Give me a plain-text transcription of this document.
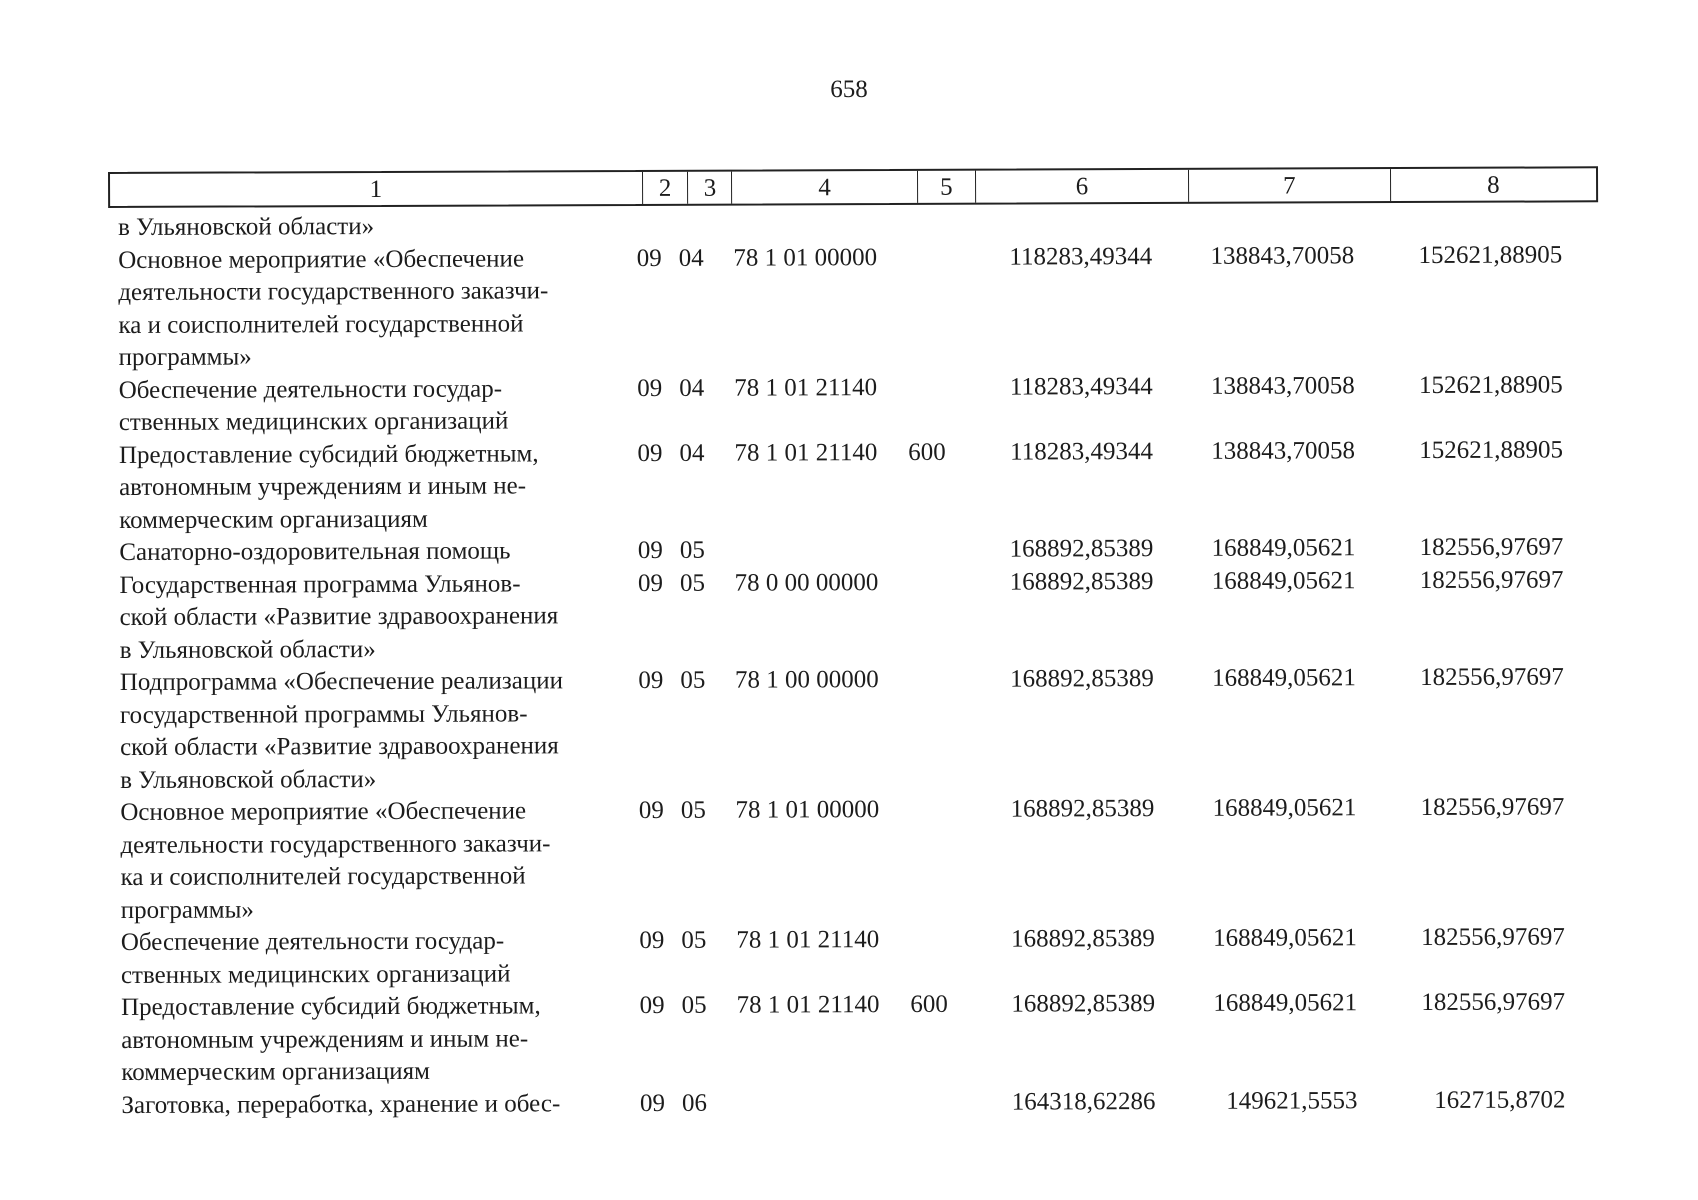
658
1	2	3	4	5	6	7	8
в Ульяновской области»
Основное мероприятие «Обеспечение
деятельности государственного заказчи-
ка и соисполнителей государственной
программы»
09 04	78 1 01 00000	118283,49344	138843,70058	152621,88905
Обеспечение деятельности государ-
ственных медицинских организаций
09 04	78 1 01 21140	118283,49344	138843,70058	152621,88905
Предоставление субсидий бюджетным,
автономным учреждениям и иным не-
коммерческим организациям
09 04	78 1 01 21140	600	118283,49344	138843,70058	152621,88905
Санаторно-оздоровительная помощь	09 05	168892,85389	168849,05621	182556,97697
Государственная программа Ульянов-
ской области «Развитие здравоохранения
в Ульяновской области»
09 05	78 0 00 00000	168892,85389	168849,05621	182556,97697
Подпрограмма «Обеспечение реализации
государственной программы Ульянов-
ской области «Развитие здравоохранения
в Ульяновской области»
09 05	78 1 00 00000	168892,85389	168849,05621	182556,97697
Основное мероприятие «Обеспечение
деятельности государственного заказчи-
ка и соисполнителей государственной
программы»
09 05	78 1 01 00000	168892,85389	168849,05621	182556,97697
Обеспечение деятельности государ-
ственных медицинских организаций
09 05	78 1 01 21140	168892,85389	168849,05621	182556,97697
Предоставление субсидий бюджетным,
автономным учреждениям и иным не-
коммерческим организациям
09 05	78 1 01 21140	600	168892,85389	168849,05621	182556,97697
Заготовка, переработка, хранение и обес-	09 06	164318,62286	149621,5553	162715,8702
